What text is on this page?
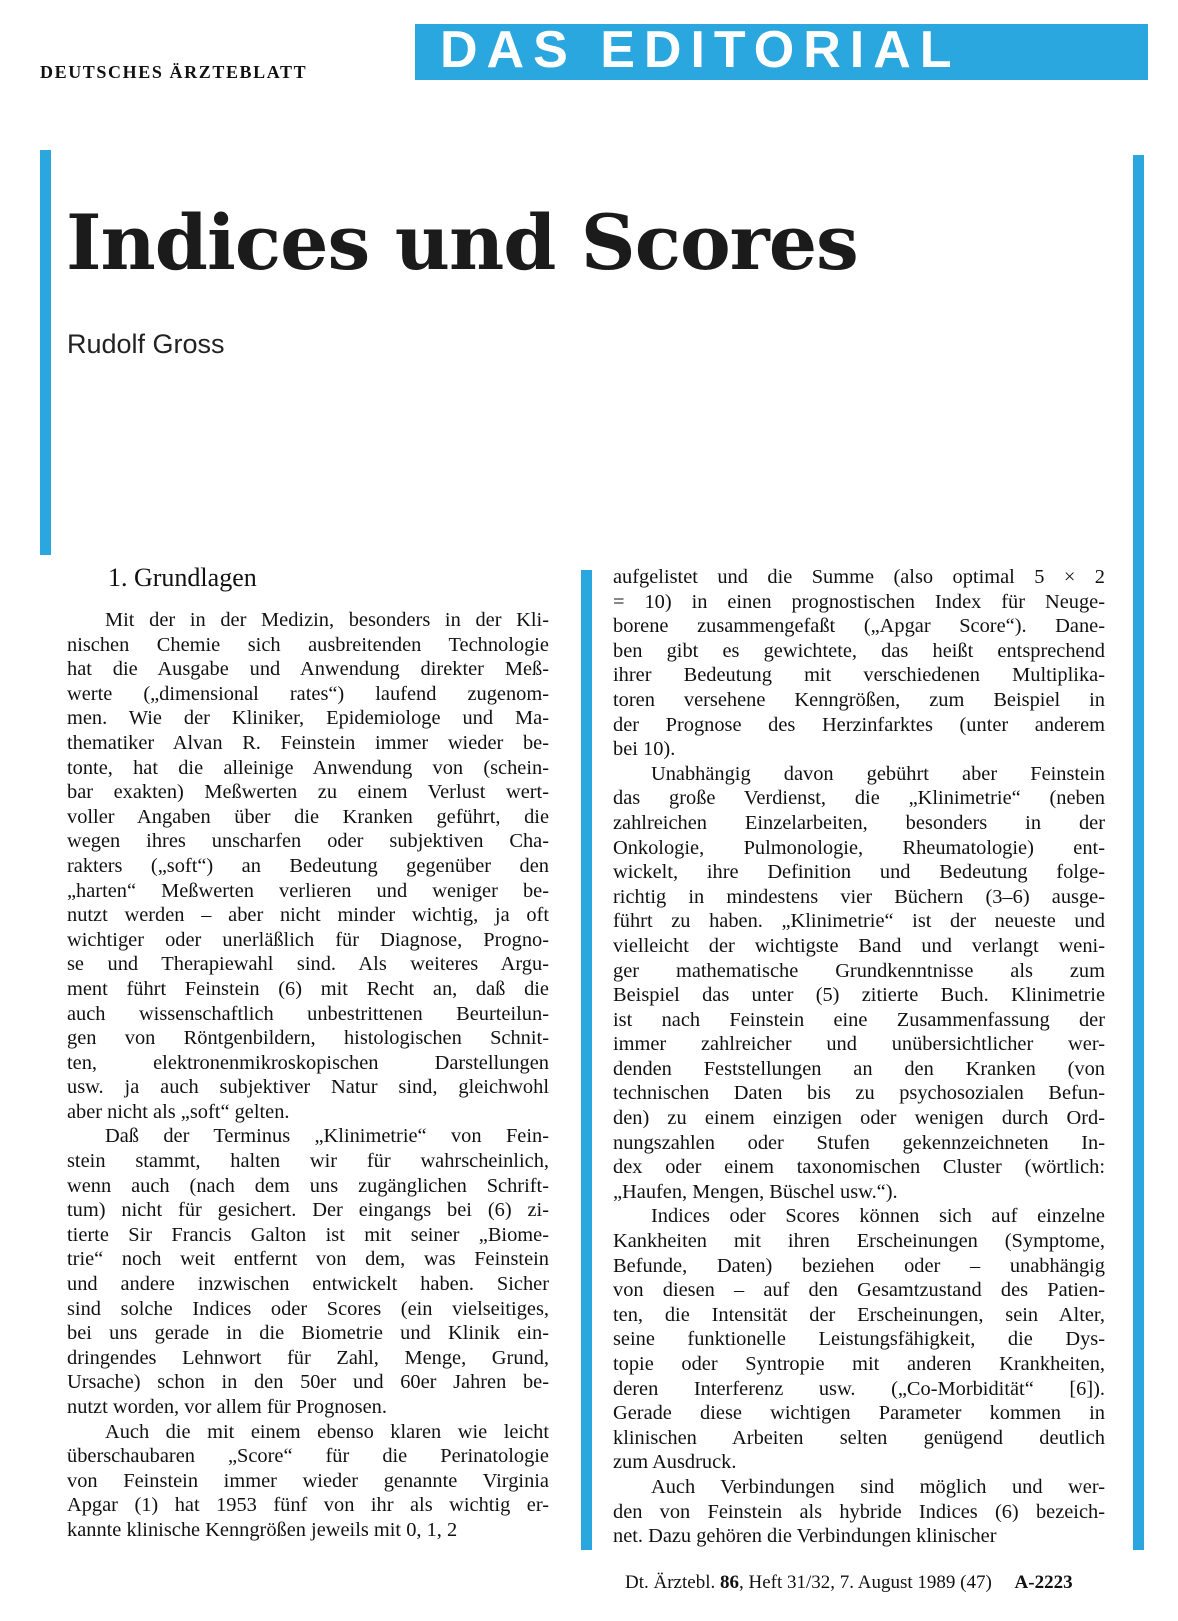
DEUTSCHES ÄRZTEBLATT	DAS EDITORIAL
Indices und Scores
Rudolf Gross
1. Grundlagen
Mit der in der Medizin, besonders in der Kli-
nischen Chemie sich ausbreitenden Technologie
hat die Ausgabe und Anwendung direkter Meß-
werte („dimensional rates“) laufend zugenom-
men. Wie der Kliniker, Epidemiologe und Ma-
thematiker Alvan R. Feinstein immer wieder be-
tonte, hat die alleinige Anwendung von (schein-
bar exakten) Meßwerten zu einem Verlust wert-
voller Angaben über die Kranken geführt, die
wegen ihres unscharfen oder subjektiven Cha-
rakters („soft“) an Bedeutung gegenüber den
„harten“ Meßwerten verlieren und weniger be-
nutzt werden – aber nicht minder wichtig, ja oft
wichtiger oder unerläßlich für Diagnose, Progno-
se und Therapiewahl sind. Als weiteres Argu-
ment führt Feinstein (6) mit Recht an, daß die
auch wissenschaftlich unbestrittenen Beurteilun-
gen von Röntgenbildern, histologischen Schnit-
ten, elektronenmikroskopischen Darstellungen
usw. ja auch subjektiver Natur sind, gleichwohl
aber nicht als „soft“ gelten.
Daß der Terminus „Klinimetrie“ von Fein-
stein stammt, halten wir für wahrscheinlich,
wenn auch (nach dem uns zugänglichen Schrift-
tum) nicht für gesichert. Der eingangs bei (6) zi-
tierte Sir Francis Galton ist mit seiner „Biome-
trie“ noch weit entfernt von dem, was Feinstein
und andere inzwischen entwickelt haben. Sicher
sind solche Indices oder Scores (ein vielseitiges,
bei uns gerade in die Biometrie und Klinik ein-
dringendes Lehnwort für Zahl, Menge, Grund,
Ursache) schon in den 50er und 60er Jahren be-
nutzt worden, vor allem für Prognosen.
Auch die mit einem ebenso klaren wie leicht
überschaubaren „Score“ für die Perinatologie
von Feinstein immer wieder genannte Virginia
Apgar (1) hat 1953 fünf von ihr als wichtig er-
kannte klinische Kenngrößen jeweils mit 0, 1, 2
aufgelistet und die Summe (also optimal 5 × 2
= 10) in einen prognostischen Index für Neuge-
borene zusammengefaßt („Apgar Score“). Dane-
ben gibt es gewichtete, das heißt entsprechend
ihrer Bedeutung mit verschiedenen Multiplika-
toren versehene Kenngrößen, zum Beispiel in
der Prognose des Herzinfarktes (unter anderem
bei 10).
Unabhängig davon gebührt aber Feinstein
das große Verdienst, die „Klinimetrie“ (neben
zahlreichen Einzelarbeiten, besonders in der
Onkologie, Pulmonologie, Rheumatologie) ent-
wickelt, ihre Definition und Bedeutung folge-
richtig in mindestens vier Büchern (3–6) ausge-
führt zu haben. „Klinimetrie“ ist der neueste und
vielleicht der wichtigste Band und verlangt weni-
ger mathematische Grundkenntnisse als zum
Beispiel das unter (5) zitierte Buch. Klinimetrie
ist nach Feinstein eine Zusammenfassung der
immer zahlreicher und unübersichtlicher wer-
denden Feststellungen an den Kranken (von
technischen Daten bis zu psychosozialen Befun-
den) zu einem einzigen oder wenigen durch Ord-
nungszahlen oder Stufen gekennzeichneten In-
dex oder einem taxonomischen Cluster (wörtlich:
„Haufen, Mengen, Büschel usw.“).
Indices oder Scores können sich auf einzelne
Kankheiten mit ihren Erscheinungen (Symptome,
Befunde, Daten) beziehen oder – unabhängig
von diesen – auf den Gesamtzustand des Patien-
ten, die Intensität der Erscheinungen, sein Alter,
seine funktionelle Leistungsfähigkeit, die Dys-
topie oder Syntropie mit anderen Krankheiten,
deren Interferenz usw. („Co-Morbidität“ [6]).
Gerade diese wichtigen Parameter kommen in
klinischen Arbeiten selten genügend deutlich
zum Ausdruck.
Auch Verbindungen sind möglich und wer-
den von Feinstein als hybride Indices (6) bezeich-
net. Dazu gehören die Verbindungen klinischer
Dt. Ärztebl. 86, Heft 31/32, 7. August 1989 (47) A-2223
